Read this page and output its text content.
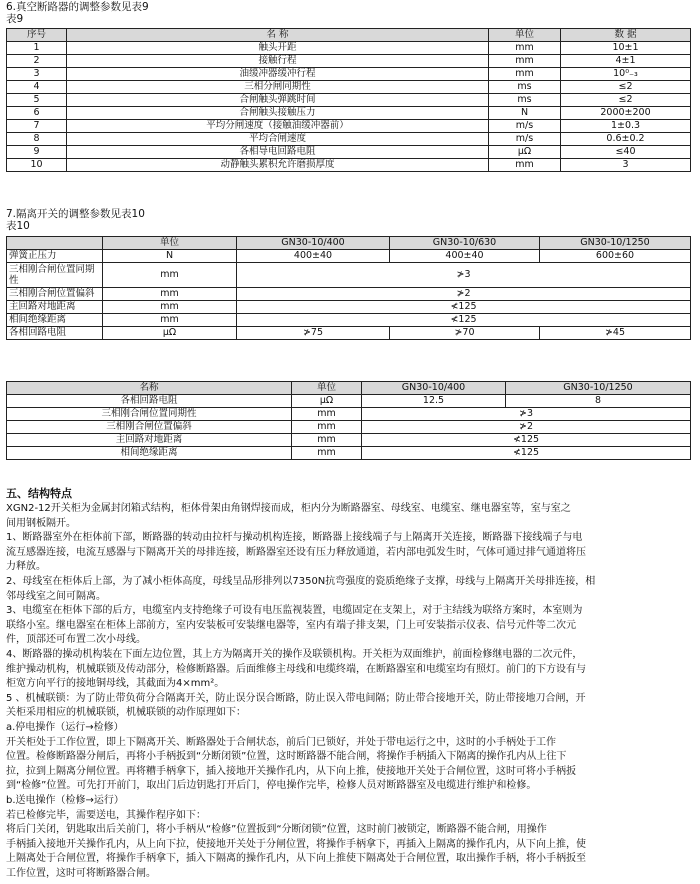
6.真空断路器的调整参数见表9
表9
序号	名 称	单位	数 据
1	触头开距	mm	10±1
2	接触行程	mm	4±1
3	油缓冲器缓冲行程	mm	10⁰₋₃
4	三相分闸同期性	ms	≤2
5	合闸触头弹跳时间	ms	≤2
6	合闸触头接触压力	N	2000±200
7	平均分闸速度（接触油缓冲器前）	m/s	1±0.3
8	平均合闸速度	m/s	0.6±0.2
9	各相导电回路电阻	μΩ	≤40
10	动静触头累积允许磨损厚度	mm	3
7.隔离开关的调整参数见表10
表10
	单位	GN30-10/400	GN30-10/630	GN30-10/1250
弹簧正压力	N	400±40	400±40	600±60
三相刚合闸位置同期性	mm	≯3		
三相刚合闸位置偏斜	mm	≯2		
主回路对地距离	mm	≮125		
相间绝缘距离	mm	≮125		
各相回路电阻	μΩ	≯75	≯70	≯45
名称	单位	GN30-10/400	GN30-10/1250
各相回路电阻	μΩ	12.5	8
三相刚合闸位置同期性	mm	≯3	
三相刚合闸位置偏斜	mm	≯2	
主回路对地距离	mm	≮125	
相间绝缘距离	mm	≮125	
五、结构特点
XGN2-12开关柜为金属封闭箱式结构，柜体骨架由角钢焊接而成，柜内分为断路器室、母线室、电缆室、继电器室等，室与室之
间用钢板隔开。
1、断路器室外在柜体前下部，断路器的转动由拉杆与操动机构连接，断路器上接线端子与上隔离开关连接，断路器下接线端子与电
流互感器连接，电流互感器与下隔离开关的母排连接，断路器室还设有压力释放通道，若内部电弧发生时，气体可通过排气通道将压
力释放。
2、母线室在柜体后上部，为了减小柜体高度，母线呈品形排列以7350N抗弯强度的瓷质绝缘子支撑，母线与上隔离开关母排连接，相
邻母线室之间可隔离。
3、电缆室在柜体下部的后方，电缆室内支持绝缘子可设有电压监视装置，电缆固定在支架上，对于主结线为联络方案时，本室则为
联络小室。继电器室在柜体上部前方，室内安装板可安装继电器等，室内有端子排支架，门上可安装指示仪表、信号元件等二次元
件，顶部还可布置二次小母线。
4、断路器的操动机构装在下面左边位置，其上方为隔离开关的操作及联锁机构。开关柜为双面维护，前面检修继电器的二次元件，
维护操动机构，机械联锁及传动部分，检修断路器。后面维修主母线和电缆终端，在断路器室和电缆室均有照灯。前门的下方设有与
柜宽方向平行的接地铜母线，其截面为4×mm²。
5 、机械联锁：为了防止带负荷分合隔离开关，防止误分误合断路，防止误入带电间隔；防止带合接地开关，防止带接地刀合闸，开
关柜采用相应的机械联锁，机械联锁的动作原理如下：
a.停电操作（运行→检修）
开关柜处于工作位置，即上下隔离开关、断路器处于合闸状态，前后门已锁好，并处于带电运行之中，这时的小手柄处于工作
位置。检修断路器分闸后，再将小手柄扳到“分断闭锁”位置，这时断路器不能合闸，将操作手柄插入下隔离的操作孔内从上往下
拉，拉到上隔离分闸位置。再将糟手柄拿下，插入接地开关操作孔内，从下向上推，使接地开关处于合闸位置，这时可将小手柄扳
到“检修”位置。可先打开前门，取出门后边钥匙打开后门，停电操作完毕，检修人员对断路器室及电缆进行维护和检修。
b.送电操作（检修→运行）
若已检修完毕，需要送电，其操作程序如下：
将后门关闭，钥匙取出后关前门，将小手柄从“检修”位置扳到“分断闭锁”位置，这时前门被锁定，断路器不能合闸，用操作
手柄插入接地开关操作孔内，从上向下拉，使接地开关处于分闸位置，将操作手柄拿下，再插入上隔离的操作孔内，从下向上推，使
上隔离处于合闸位置，将操作手柄拿下，插入下隔离的操作孔内，从下向上推使下隔离处于合闸位置，取出操作手柄，将小手柄扳至
工作位置，这时可将断路器合闸。
